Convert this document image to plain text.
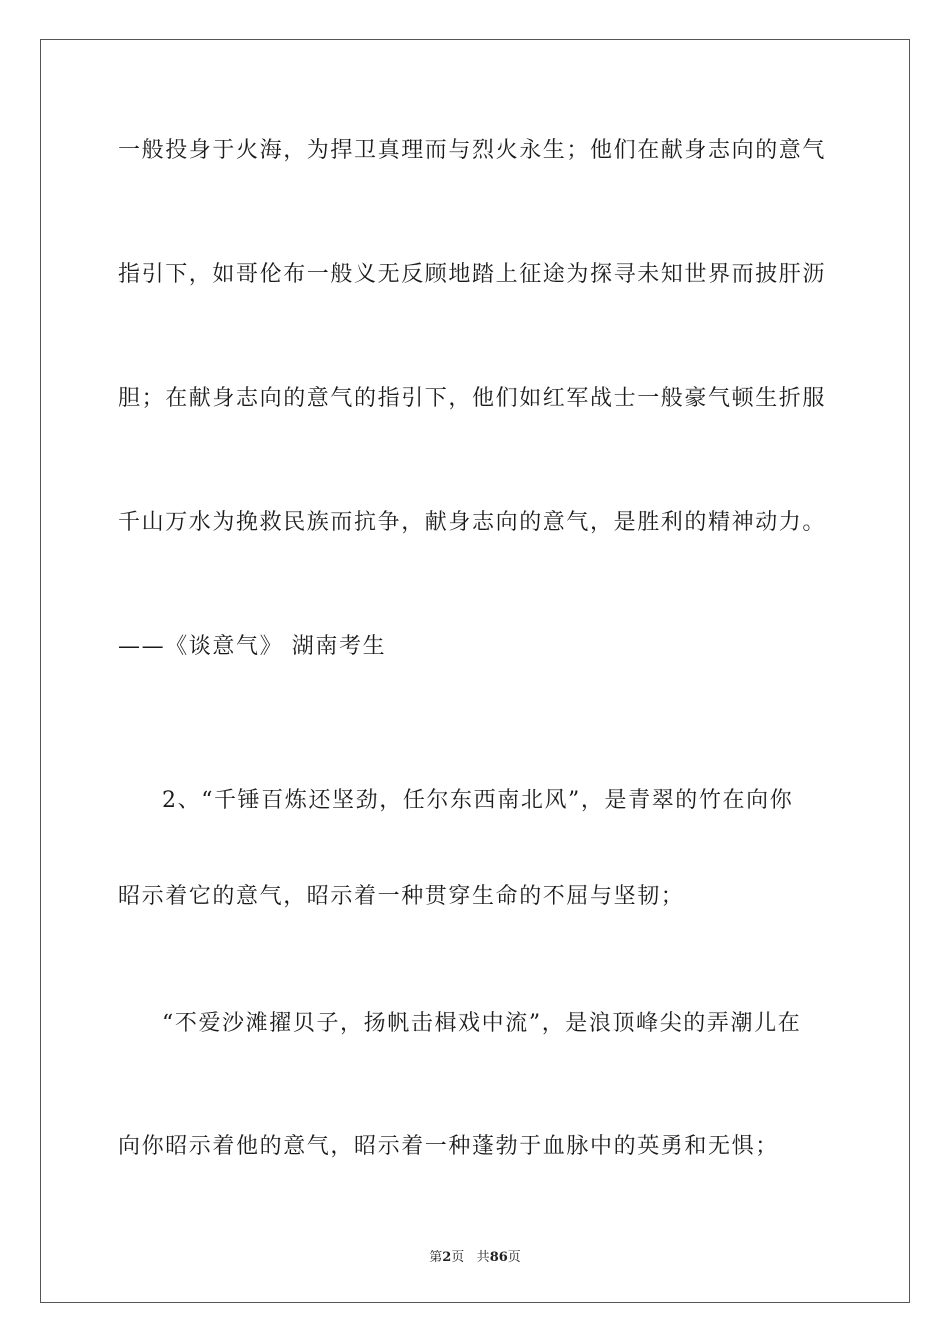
一般投身于火海，为捍卫真理而与烈火永生；他们在献身志向的意气
指引下，如哥伦布一般义无反顾地踏上征途为探寻未知世界而披肝沥
胆；在献身志向的意气的指引下，他们如红军战士一般豪气顿生折服
千山万水为挽救民族而抗争，献身志向的意气，是胜利的精神动力。
——《谈意气》 湖南考生
2、“千锤百炼还坚劲，任尔东西南北风”，是青翠的竹在向你
昭示着它的意气，昭示着一种贯穿生命的不屈与坚韧；
“不爱沙滩擢贝子，扬帆击楫戏中流”，是浪顶峰尖的弄潮儿在
向你昭示着他的意气，昭示着一种蓬勃于血脉中的英勇和无惧；
第2页 共86页
